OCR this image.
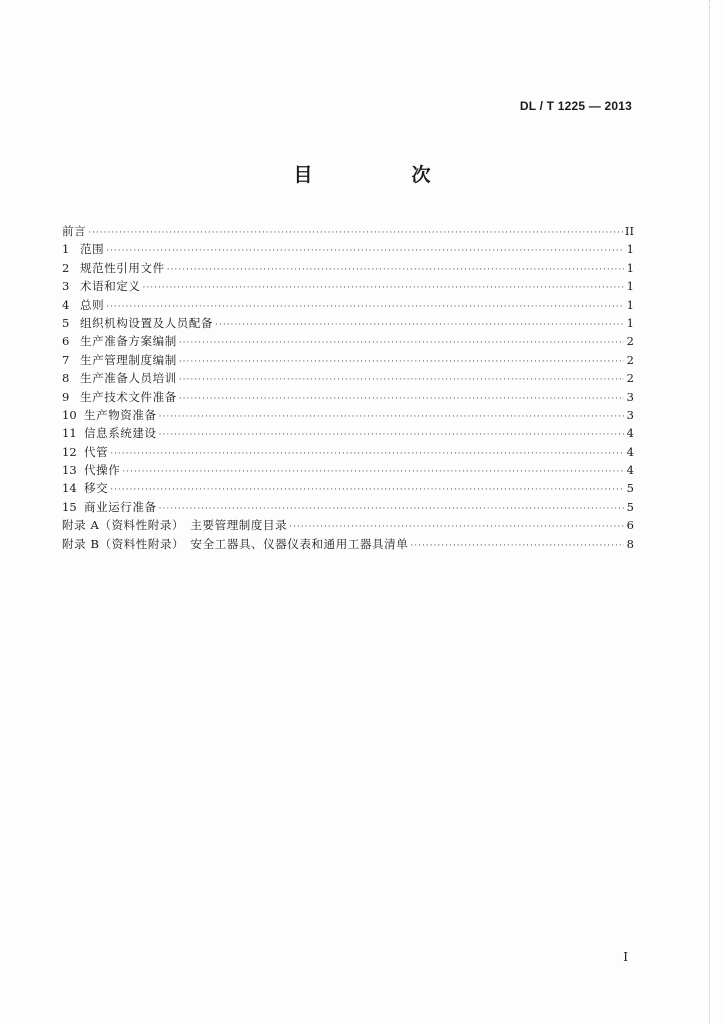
DL / T 1225 — 2013
目　次
前言 ·····	II
1 范围 ·····	1
2 规范性引用文件 ·····	1
3 术语和定义 ·····	1
4 总则 ·····	1
5 组织机构设置及人员配备 ·····	1
6 生产准备方案编制 ·····	2
7 生产管理制度编制 ·····	2
8 生产准备人员培训 ·····	2
9 生产技术文件准备 ·····	3
10 生产物资准备 ·····	3
11 信息系统建设 ·····	4
12 代管 ·····	4
13 代操作 ·····	4
14 移交 ·····	5
15 商业运行准备 ·····	5
附录 A（资料性附录）　主要管理制度目录 ·····	6
附录 B（资料性附录）　安全工器具、仪器仪表和通用工器具清单 ·····	8
I
